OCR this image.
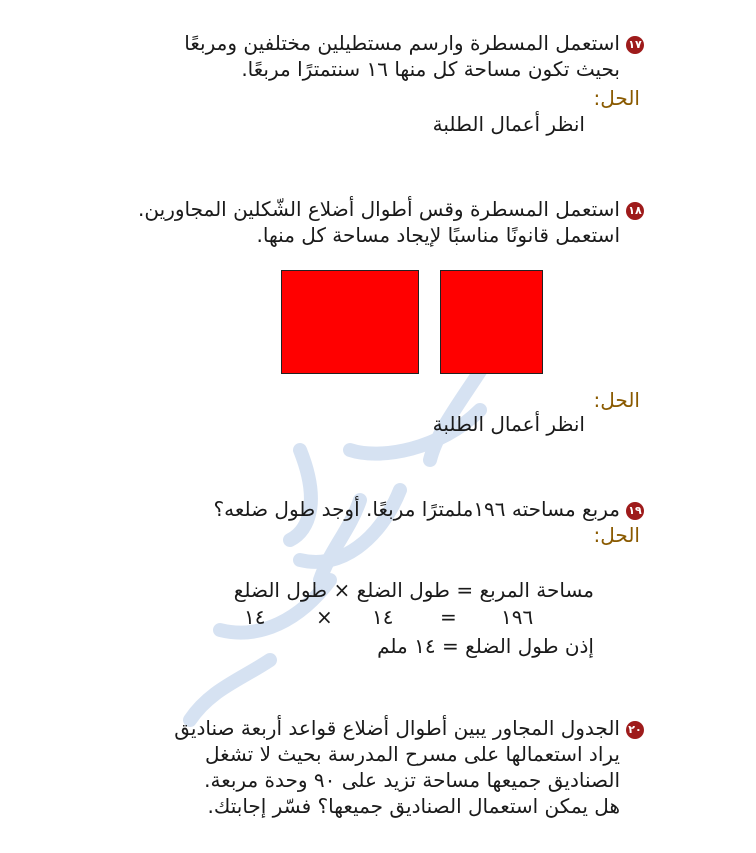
١٧استعمل المسطرة وارسم مستطيلين مختلفين ومربعًا
بحيث تكون مساحة كل منها ١٦ سنتمترًا مربعًا.
الحل:
انظر أعمال الطلبة
١٨استعمل المسطرة وقس أطوال أضلاع الشّكلين المجاورين.
استعمل قانونًا مناسبًا لإيجاد مساحة كل منها.
الحل:
انظر أعمال الطلبة
١٩مربع مساحته ١٩٦ملمترًا مربعًا. أوجد طول ضلعه؟
الحل:
مساحة المربع = طول الضلع × طول الضلع
١٤	× ١٤ = ١٩٦
إذن طول الضلع = ١٤ ملم
٢٠الجدول المجاور يبين أطوال أضلاع قواعد أربعة صناديق
يراد استعمالها على مسرح المدرسة بحيث لا تشغل
الصناديق جميعها مساحة تزيد على ٩٠ وحدة مربعة.
هل يمكن استعمال الصناديق جميعها؟ فسّر إجابتك.
